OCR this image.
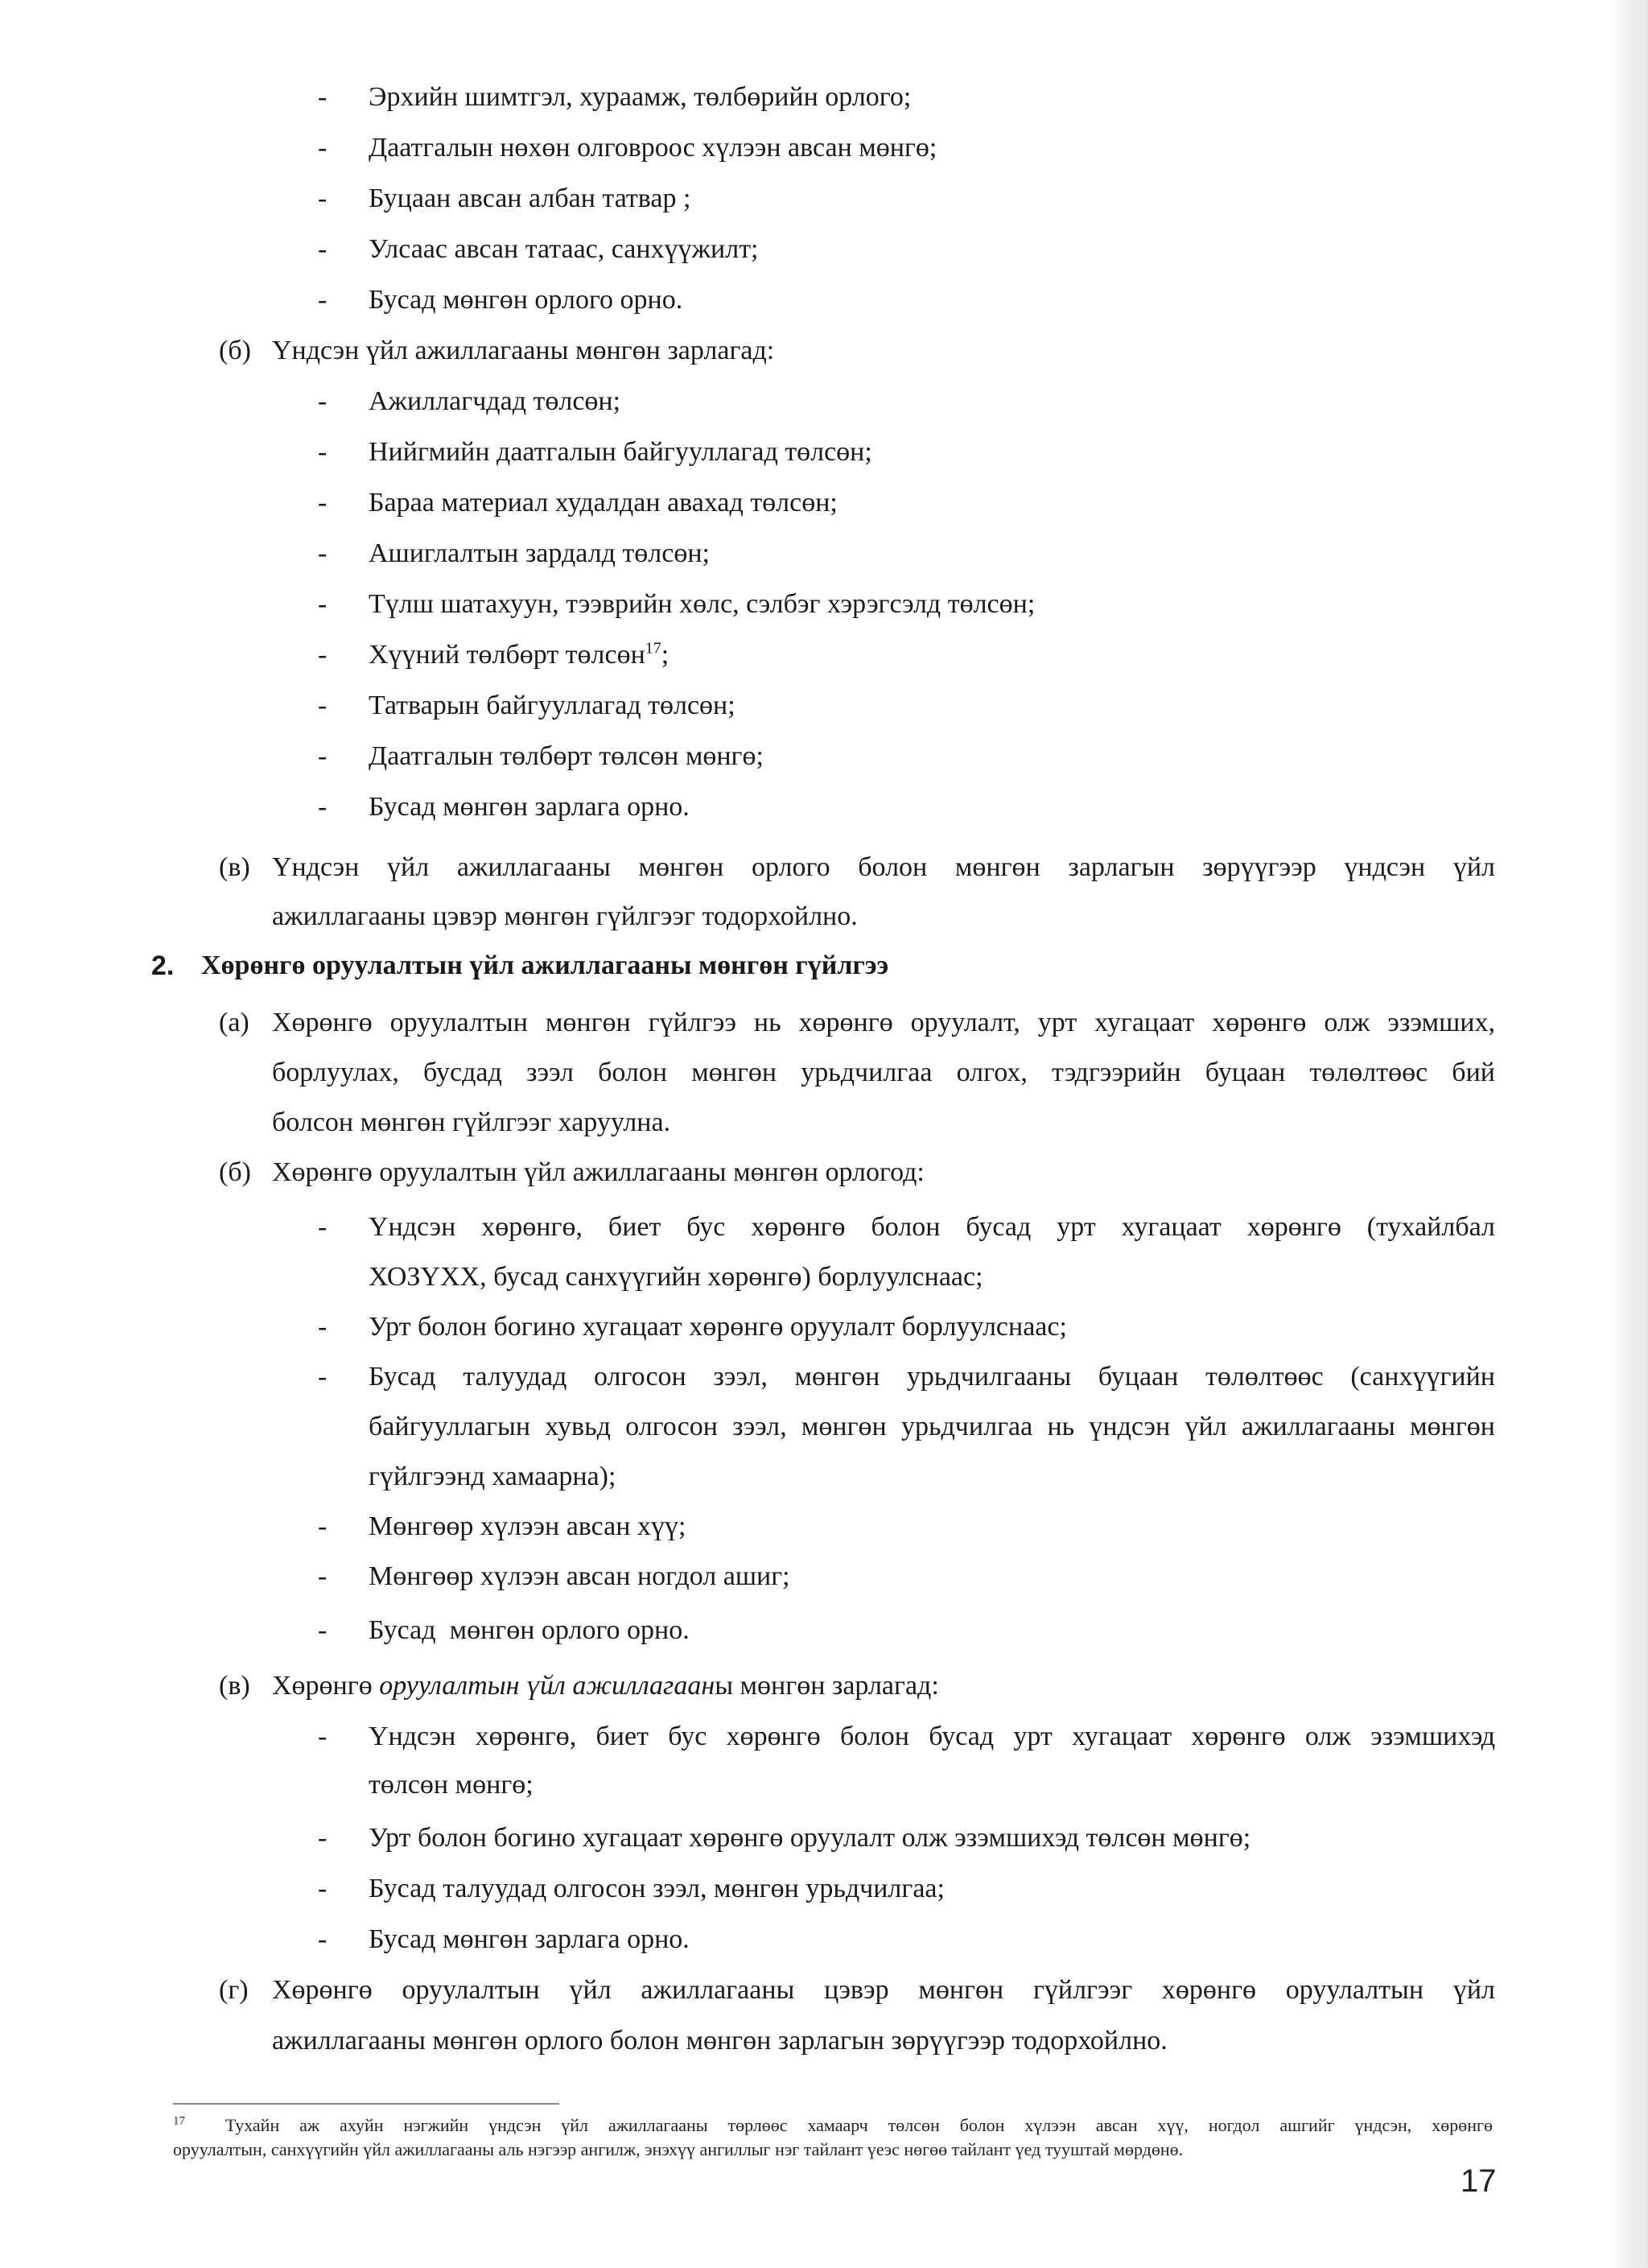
- Эрхийн шимтгэл, хураамж, төлбөрийн орлого;
- Даатгалын нөхөн олговроос хүлээн авсан мөнгө;
- Буцаан авсан албан татвар ;
- Улсаас авсан татаас, санхүүжилт;
- Бусад мөнгөн орлого орно.
(б) Үндсэн үйл ажиллагааны мөнгөн зарлагад:
- Ажиллагчдад төлсөн;
- Нийгмийн даатгалын байгууллагад төлсөн;
- Бараа материал худалдан авахад төлсөн;
- Ашиглалтын зардалд төлсөн;
- Түлш шатахуун, тээврийн хөлс, сэлбэг хэрэгсэлд төлсөн;
- Хүүний төлбөрт төлсөн$^{17}$;
- Татварын байгууллагад төлсөн;
- Даатгалын төлбөрт төлсөн мөнгө;
- Бусад мөнгөн зарлага орно.
(в) Үндсэн үйл ажиллагааны мөнгөн орлого болон мөнгөн зарлагын зөрүүгээр үндсэн үйл
ажиллагааны цэвэр мөнгөн гүйлгээг тодорхойлно.
2. Хөрөнгө оруулалтын үйл ажиллагааны мөнгөн гүйлгээ
(а) Хөрөнгө оруулалтын мөнгөн гүйлгээ нь хөрөнгө оруулалт, урт хугацаат хөрөнгө олж эзэмших,
борлуулах, бусдад зээл болон мөнгөн урьдчилгаа олгох, тэдгээрийн буцаан төлөлтөөс бий
болсон мөнгөн гүйлгээг харуулна.
(б) Хөрөнгө оруулалтын үйл ажиллагааны мөнгөн орлогод:
- Үндсэн хөрөнгө, биет бус хөрөнгө болон бусад урт хугацаат хөрөнгө (тухайлбал
ХОЗҮХХ, бусад санхүүгийн хөрөнгө) борлуулснаас;
- Урт болон богино хугацаат хөрөнгө оруулалт борлуулснаас;
- Бусад талуудад олгосон зээл, мөнгөн урьдчилгааны буцаан төлөлтөөс (санхүүгийн
байгууллагын хувьд олгосон зээл, мөнгөн урьдчилгаа нь үндсэн үйл ажиллагааны мөнгөн
гүйлгээнд хамаарна);
- Мөнгөөр хүлээн авсан хүү;
- Мөнгөөр хүлээн авсан ногдол ашиг;
- Бусад  мөнгөн орлого орно.
(в) Хөрөнгө оруулалтын үйл ажиллагааны мөнгөн зарлагад:
- Үндсэн хөрөнгө, биет бус хөрөнгө болон бусад урт хугацаат хөрөнгө олж эзэмшихэд
төлсөн мөнгө;
- Урт болон богино хугацаат хөрөнгө оруулалт олж эзэмшихэд төлсөн мөнгө;
- Бусад талуудад олгосон зээл, мөнгөн урьдчилгаа;
- Бусад мөнгөн зарлага орно.
(г) Хөрөнгө оруулалтын үйл ажиллагааны цэвэр мөнгөн гүйлгээг хөрөнгө оруулалтын үйл
ажиллагааны мөнгөн орлого болон мөнгөн зарлагын зөрүүгээр тодорхойлно.
$^{17}$ Тухайн аж ахуйн нэгжийн үндсэн үйл ажиллагааны төрлөөс хамаарч төлсөн болон хүлээн авсан хүү, ногдол ашгийг үндсэн, хөрөнгө
оруулалтын, санхүүгийн үйл ажиллагааны аль нэгээр ангилж, энэхүү ангиллыг нэг тайлант үеэс нөгөө тайлант үед тууштай мөрдөнө.
17
